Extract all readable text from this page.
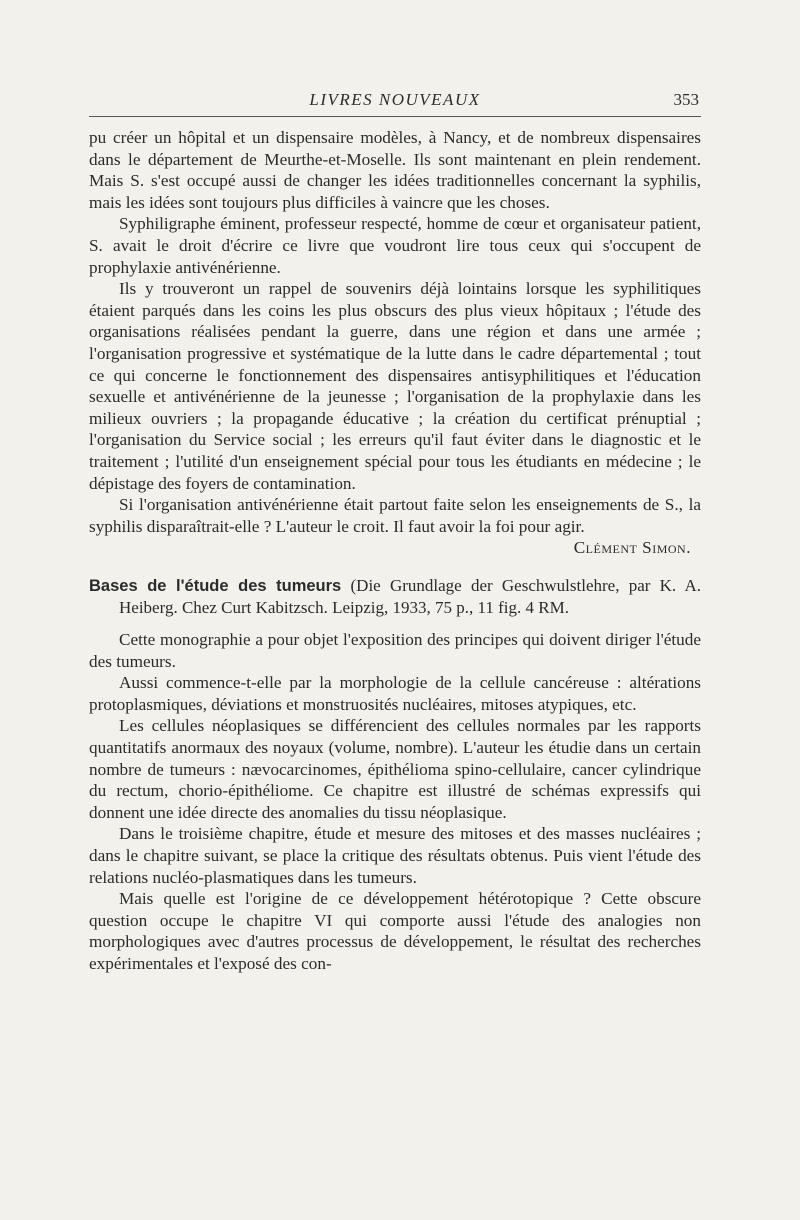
LIVRES NOUVEAUX	353

pu créer un hôpital et un dispensaire modèles, à Nancy, et de nombreux dispensaires dans le département de Meurthe-et-Moselle. Ils sont maintenant en plein rendement. Mais S. s'est occupé aussi de changer les idées traditionnelles concernant la syphilis, mais les idées sont toujours plus difficiles à vaincre que les choses.

Syphiligraphe éminent, professeur respecté, homme de cœur et organisateur patient, S. avait le droit d'écrire ce livre que voudront lire tous ceux qui s'occupent de prophylaxie antivénérienne.

Ils y trouveront un rappel de souvenirs déjà lointains lorsque les syphilitiques étaient parqués dans les coins les plus obscurs des plus vieux hôpitaux ; l'étude des organisations réalisées pendant la guerre, dans une région et dans une armée ; l'organisation progressive et systématique de la lutte dans le cadre départemental ; tout ce qui concerne le fonctionnement des dispensaires antisyphilitiques et l'éducation sexuelle et antivénérienne de la jeunesse ; l'organisation de la prophylaxie dans les milieux ouvriers ; la propagande éducative ; la création du certificat prénuptial ; l'organisation du Service social ; les erreurs qu'il faut éviter dans le diagnostic et le traitement ; l'utilité d'un enseignement spécial pour tous les étudiants en médecine ; le dépistage des foyers de contamination.

Si l'organisation antivénérienne était partout faite selon les enseignements de S., la syphilis disparaîtrait-elle ? L'auteur le croit. Il faut avoir la foi pour agir.
Clément Simon.

Bases de l'étude des tumeurs (Die Grundlage der Geschwulstlehre, par K. A. Heiberg. Chez Curt Kabitzsch. Leipzig, 1933, 75 p., 11 fig. 4 RM.

Cette monographie a pour objet l'exposition des principes qui doivent diriger l'étude des tumeurs.

Aussi commence-t-elle par la morphologie de la cellule cancéreuse : altérations protoplasmiques, déviations et monstruosités nucléaires, mitoses atypiques, etc.

Les cellules néoplasiques se différencient des cellules normales par les rapports quantitatifs anormaux des noyaux (volume, nombre). L'auteur les étudie dans un certain nombre de tumeurs : nævocarcinomes, épithélioma spino-cellulaire, cancer cylindrique du rectum, chorio-épithéliome. Ce chapitre est illustré de schémas expressifs qui donnent une idée directe des anomalies du tissu néoplasique.

Dans le troisième chapitre, étude et mesure des mitoses et des masses nucléaires ; dans le chapitre suivant, se place la critique des résultats obtenus. Puis vient l'étude des relations nucléo-plasmatiques dans les tumeurs.

Mais quelle est l'origine de ce développement hétérotopique ? Cette obscure question occupe le chapitre VI qui comporte aussi l'étude des analogies non morphologiques avec d'autres processus de développement, le résultat des recherches expérimentales et l'exposé des con-
